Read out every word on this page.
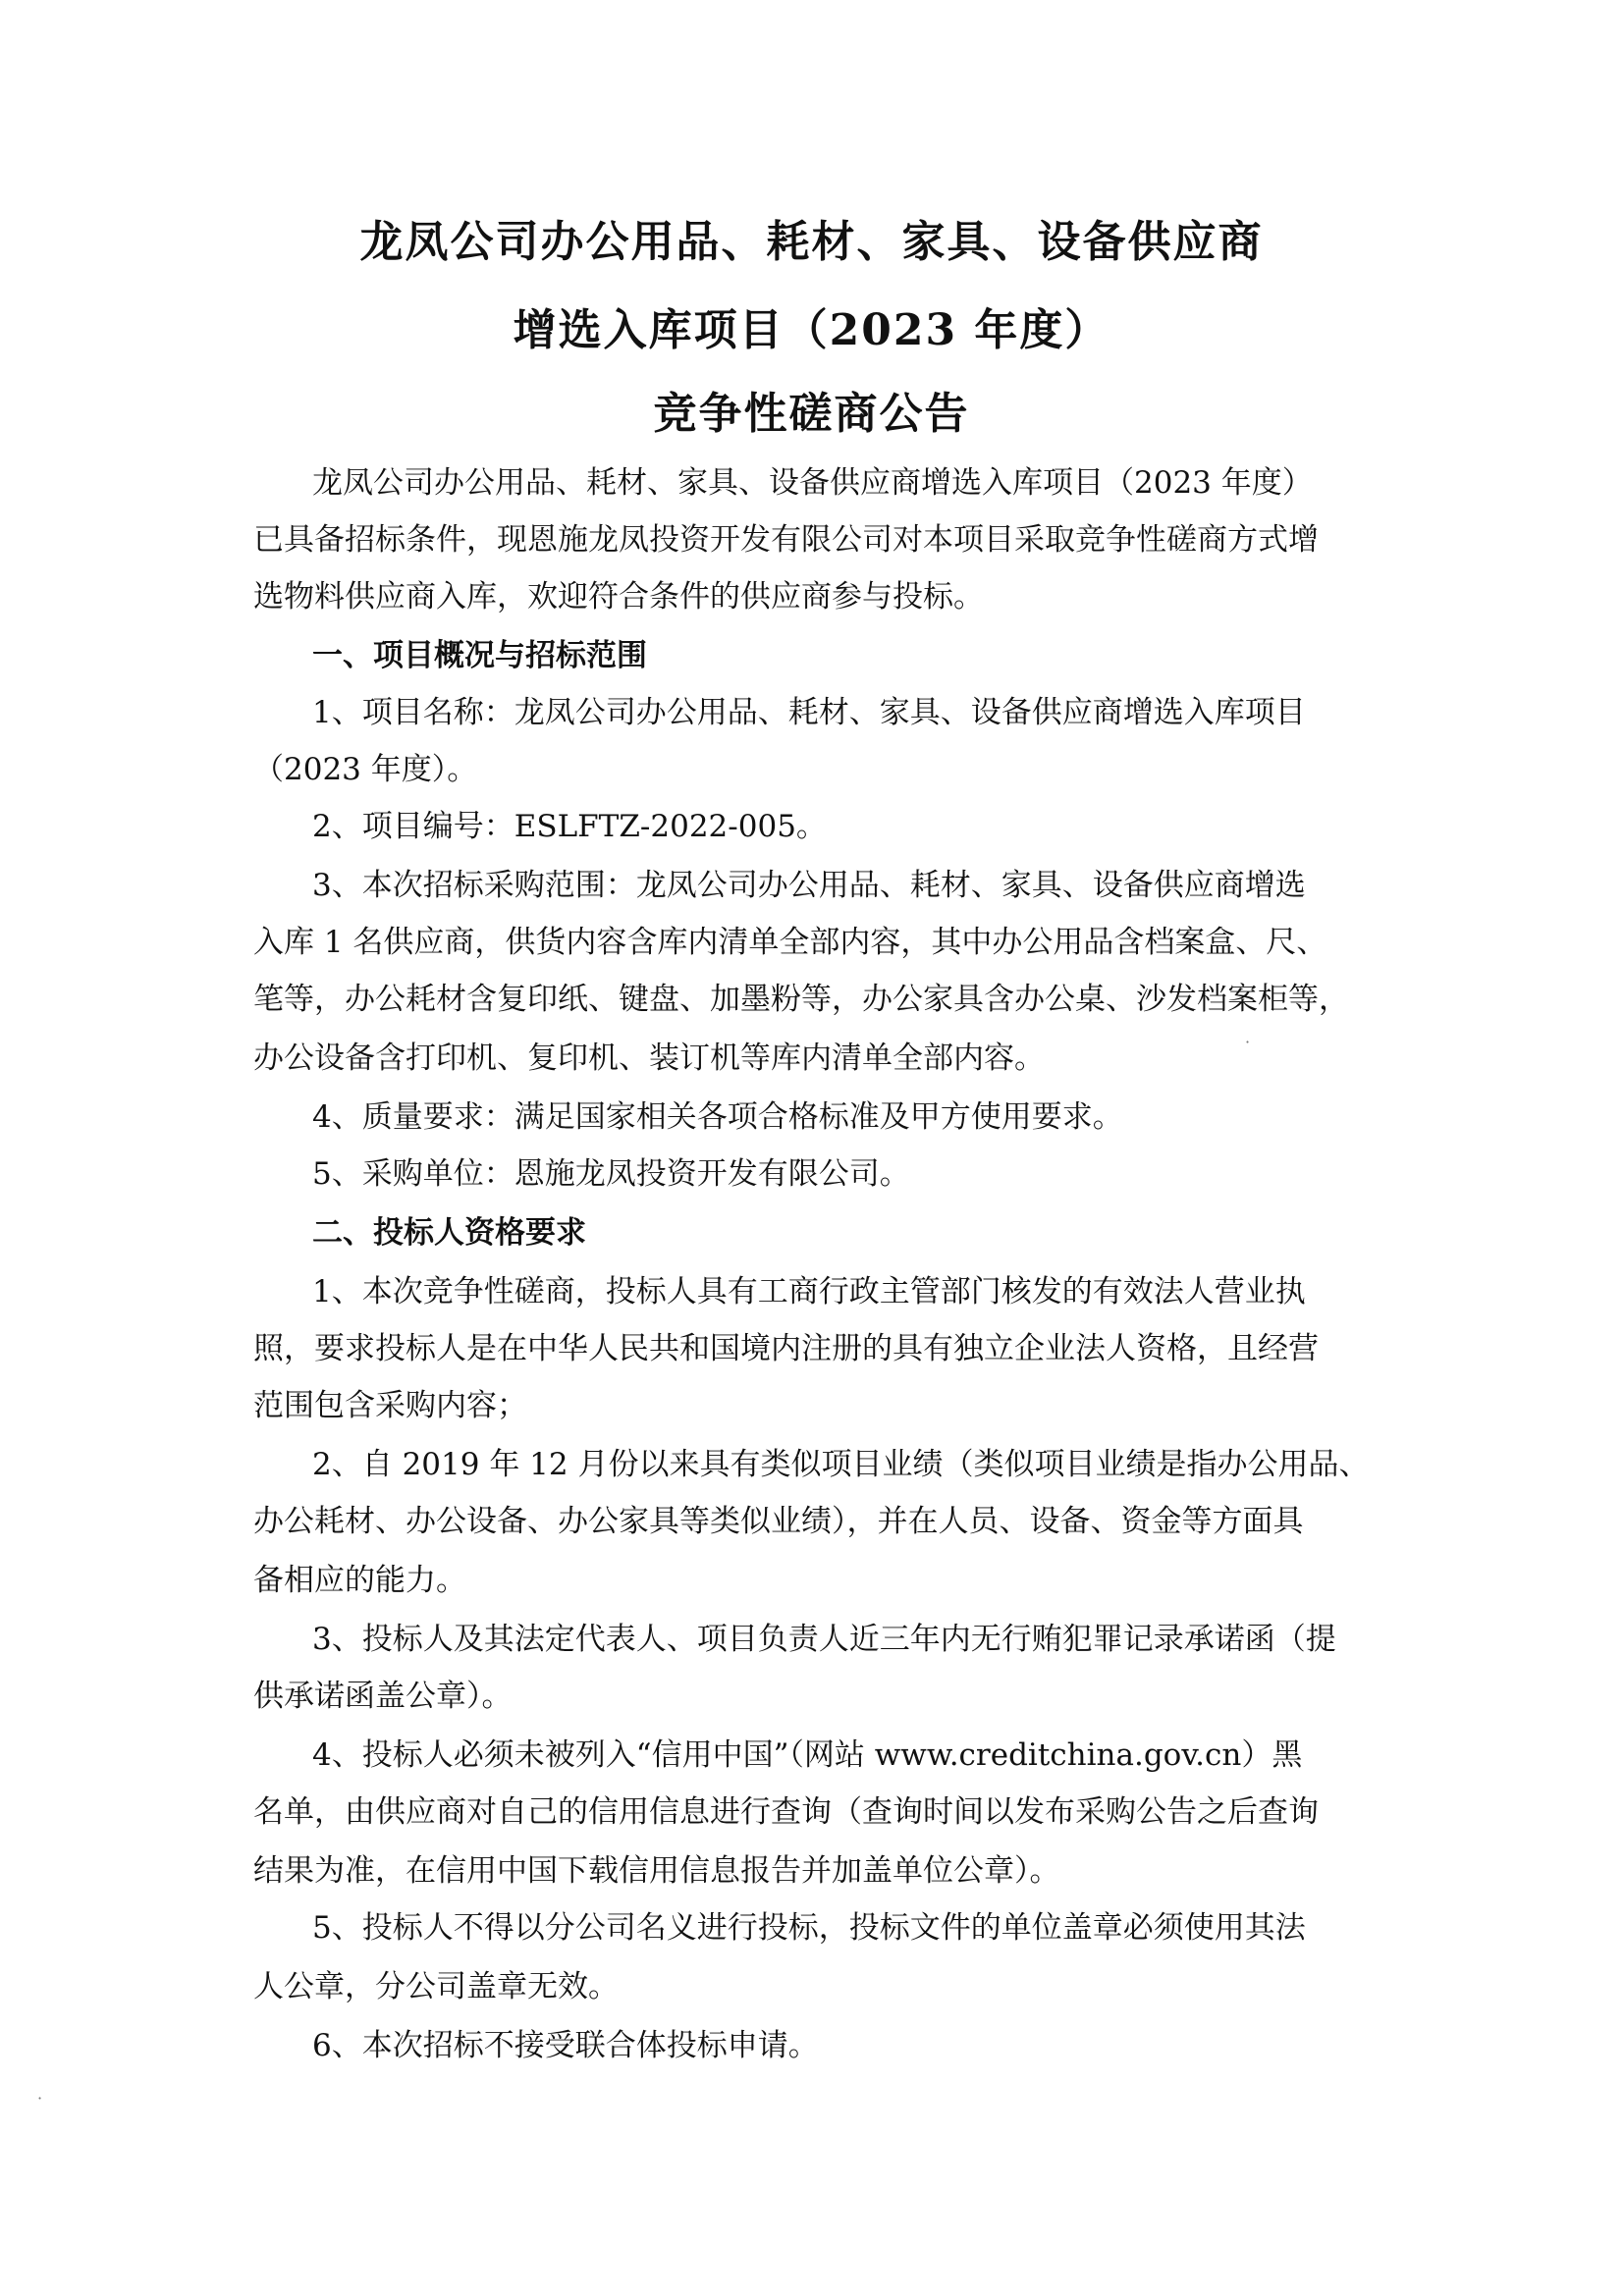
龙凤公司办公用品、耗材、家具、设备供应商
增选入库项目（2023 年度）
竞争性磋商公告
龙凤公司办公用品、耗材、家具、设备供应商增选入库项目（2023 年度）
已具备招标条件，现恩施龙凤投资开发有限公司对本项目采取竞争性磋商方式增
选物料供应商入库，欢迎符合条件的供应商参与投标。
一、项目概况与招标范围
1、项目名称：龙凤公司办公用品、耗材、家具、设备供应商增选入库项目
（2023 年度）。
2、项目编号：ESLFTZ-2022-005。
3、本次招标采购范围：龙凤公司办公用品、耗材、家具、设备供应商增选
入库 1 名供应商，供货内容含库内清单全部内容，其中办公用品含档案盒、尺、
笔等，办公耗材含复印纸、键盘、加墨粉等，办公家具含办公桌、沙发档案柜等，
办公设备含打印机、复印机、装订机等库内清单全部内容。
4、质量要求：满足国家相关各项合格标准及甲方使用要求。
5、采购单位：恩施龙凤投资开发有限公司。
二、投标人资格要求
1、本次竞争性磋商，投标人具有工商行政主管部门核发的有效法人营业执
照，要求投标人是在中华人民共和国境内注册的具有独立企业法人资格，且经营
范围包含采购内容；
2、自 2019 年 12 月份以来具有类似项目业绩（类似项目业绩是指办公用品、
办公耗材、办公设备、办公家具等类似业绩），并在人员、设备、资金等方面具
备相应的能力。
3、投标人及其法定代表人、项目负责人近三年内无行贿犯罪记录承诺函（提
供承诺函盖公章）。
4、投标人必须未被列入“信用中国”（网站 www.creditchina.gov.cn）黑
名单，由供应商对自己的信用信息进行查询（查询时间以发布采购公告之后查询
结果为准，在信用中国下载信用信息报告并加盖单位公章）。
5、投标人不得以分公司名义进行投标，投标文件的单位盖章必须使用其法
人公章，分公司盖章无效。
6、本次招标不接受联合体投标申请。
·
·
